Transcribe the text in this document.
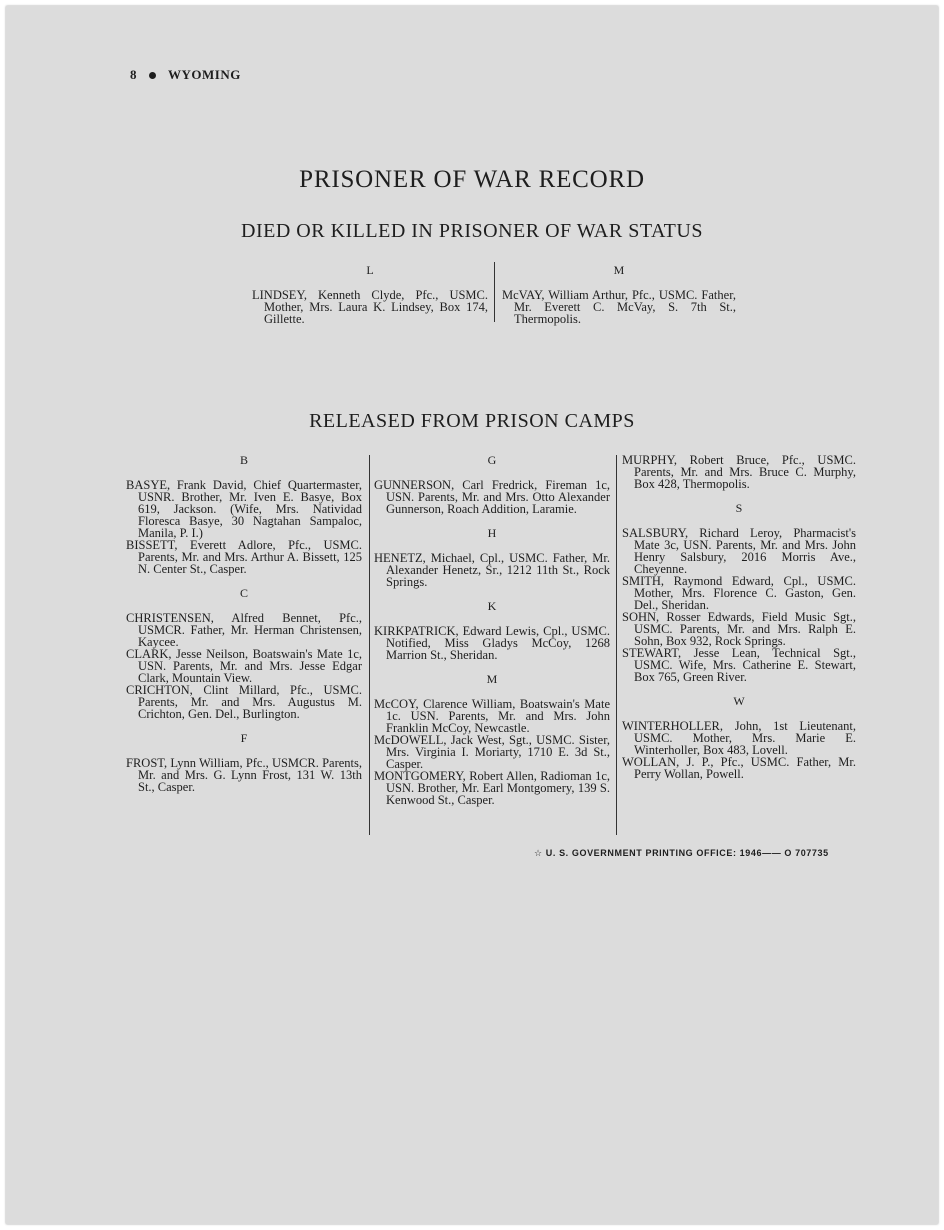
8 WYOMING
PRISONER OF WAR RECORD
DIED OR KILLED IN PRISONER OF WAR STATUS
L

LINDSEY, Kenneth Clyde, Pfc., USMC. Mother, Mrs. Laura K. Lindsey, Box 174, Gillette.

M

McVAY, William Arthur, Pfc., USMC. Father, Mr. Everett C. McVay, S. 7th St., Thermopolis.

RELEASED FROM PRISON CAMPS
B

BASYE, Frank David, Chief Quartermaster, USNR. Brother, Mr. Iven E. Basye, Box 619, Jackson. (Wife, Mrs. Natividad Floresca Basye, 30 Nagtahan Sampaloc, Manila, P. I.)

BISSETT, Everett Adlore, Pfc., USMC. Parents, Mr. and Mrs. Arthur A. Bissett, 125 N. Center St., Casper.

C

CHRISTENSEN, Alfred Bennet, Pfc., USMCR. Father, Mr. Herman Christensen, Kaycee.

CLARK, Jesse Neilson, Boatswain's Mate 1c, USN. Parents, Mr. and Mrs. Jesse Edgar Clark, Mountain View.

CRICHTON, Clint Millard, Pfc., USMC. Parents, Mr. and Mrs. Augustus M. Crichton, Gen. Del., Burlington.

F

FROST, Lynn William, Pfc., USMCR. Parents, Mr. and Mrs. G. Lynn Frost, 131 W. 13th St., Casper.

G

GUNNERSON, Carl Fredrick, Fireman 1c, USN. Parents, Mr. and Mrs. Otto Alexander Gunnerson, Roach Addition, Laramie.

H

HENETZ, Michael, Cpl., USMC. Father, Mr. Alexander Henetz, Sr., 1212 11th St., Rock Springs.

K

KIRKPATRICK, Edward Lewis, Cpl., USMC. Notified, Miss Gladys McCoy, 1268 Marrion St., Sheridan.

M

McCOY, Clarence William, Boatswain's Mate 1c. USN. Parents, Mr. and Mrs. John Franklin McCoy, Newcastle.

McDOWELL, Jack West, Sgt., USMC. Sister, Mrs. Virginia I. Moriarty, 1710 E. 3d St., Casper.

MONTGOMERY, Robert Allen, Radioman 1c, USN. Brother, Mr. Earl Montgomery, 139 S. Kenwood St., Casper.

MURPHY, Robert Bruce, Pfc., USMC. Parents, Mr. and Mrs. Bruce C. Murphy, Box 428, Thermopolis.

S

SALSBURY, Richard Leroy, Pharmacist's Mate 3c, USN. Parents, Mr. and Mrs. John Henry Salsbury, 2016 Morris Ave., Cheyenne.

SMITH, Raymond Edward, Cpl., USMC. Mother, Mrs. Florence C. Gaston, Gen. Del., Sheridan.

SOHN, Rosser Edwards, Field Music Sgt., USMC. Parents, Mr. and Mrs. Ralph E. Sohn, Box 932, Rock Springs.

STEWART, Jesse Lean, Technical Sgt., USMC. Wife, Mrs. Catherine E. Stewart, Box 765, Green River.

W

WINTERHOLLER, John, 1st Lieutenant, USMC. Mother, Mrs. Marie E. Winterholler, Box 483, Lovell.

WOLLAN, J. P., Pfc., USMC. Father, Mr. Perry Wollan, Powell.

☆ U. S. GOVERNMENT PRINTING OFFICE: 1946—— O 707735
